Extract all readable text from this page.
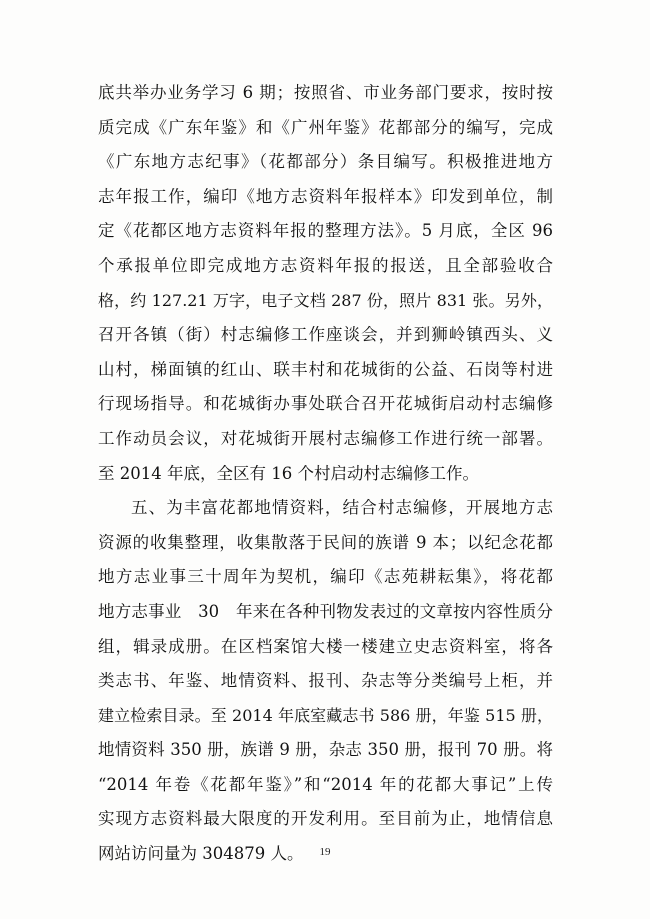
底共举办业务学习 6 期；按照省、市业务部门要求，按时按
质完成《广东年鉴》和《广州年鉴》花都部分的编写，完成
《广东地方志纪事》（花都部分）条目编写。积极推进地方
志年报工作，编印《地方志资料年报样本》印发到单位，制
定《花都区地方志资料年报的整理方法》。5 月底，全区 96
个承报单位即完成地方志资料年报的报送，且全部验收合
格，约 127.21 万字，电子文档 287 份，照片 831 张。另外，
召开各镇（街）村志编修工作座谈会，并到狮岭镇西头、义
山村，梯面镇的红山、联丰村和花城街的公益、石岗等村进
行现场指导。和花城街办事处联合召开花城街启动村志编修
工作动员会议，对花城街开展村志编修工作进行统一部署。
至 2014 年底，全区有 16 个村启动村志编修工作。
五、为丰富花都地情资料，结合村志编修，开展地方志
资源的收集整理，收集散落于民间的族谱 9 本；以纪念花都
地方志业事三十周年为契机，编印《志苑耕耘集》，将花都
地方志事业　30　年来在各种刊物发表过的文章按内容性质分
组，辑录成册。在区档案馆大楼一楼建立史志资料室，将各
类志书、年鉴、地情资料、报刊、杂志等分类编号上柜，并
建立检索目录。至 2014 年底室藏志书 586 册，年鉴 515 册，
地情资料 350 册，族谱 9 册，杂志 350 册，报刊 70 册。将
“2014 年卷《花都年鉴》”和“2014 年的花都大事记”上传
实现方志资料最大限度的开发利用。至目前为止，地情信息
网站访问量为 304879 人。	19
